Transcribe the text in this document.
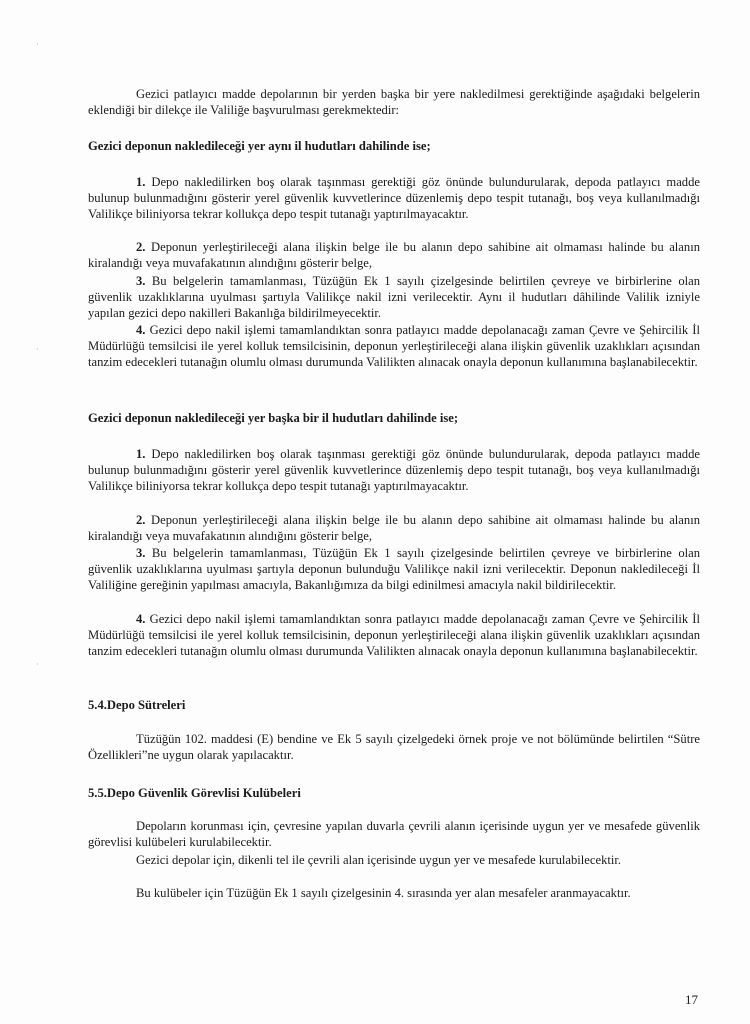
·
·
·

Gezici patlayıcı madde depolarının bir yerden başka bir yere nakledilmesi gerektiğinde aşağıdaki belgelerin eklendiği bir dilekçe ile Valiliğe başvurulması gerekmektedir:

Gezici deponun nakledileceği yer aynı il hudutları dahilinde ise;

1. Depo nakledilirken boş olarak taşınması gerektiği göz önünde bulundurularak, depoda patlayıcı madde bulunup bulunmadığını gösterir yerel güvenlik kuvvetlerince düzenlemiş depo tespit tutanağı, boş veya kullanılmadığı Valilikçe biliniyorsa tekrar kollukça depo tespit tutanağı yaptırılmayacaktır.

2. Deponun yerleştirileceği alana ilişkin belge ile bu alanın depo sahibine ait olmaması halinde bu alanın kiralandığı veya muvafakatının alındığını gösterir belge,

3. Bu belgelerin tamamlanması, Tüzüğün Ek 1 sayılı çizelgesinde belirtilen çevreye ve birbirlerine olan güvenlik uzaklıklarına uyulması şartıyla Valilikçe nakil izni verilecektir. Aynı il hudutları dâhilinde Valilik izniyle yapılan gezici depo nakilleri Bakanlığa bildirilmeyecektir.

4. Gezici depo nakil işlemi tamamlandıktan sonra patlayıcı madde depolanacağı zaman Çevre ve Şehircilik İl Müdürlüğü temsilcisi ile yerel kolluk temsilcisinin, deponun yerleştirileceği alana ilişkin güvenlik uzaklıkları açısından tanzim edecekleri tutanağın olumlu olması durumunda Valilikten alınacak onayla deponun kullanımına başlanabilecektir.

Gezici deponun nakledileceği yer başka bir il hudutları dahilinde ise;

1. Depo nakledilirken boş olarak taşınması gerektiği göz önünde bulundurularak, depoda patlayıcı madde bulunup bulunmadığını gösterir yerel güvenlik kuvvetlerince düzenlemiş depo tespit tutanağı, boş veya kullanılmadığı Valilikçe biliniyorsa tekrar kollukça depo tespit tutanağı yaptırılmayacaktır.

2. Deponun yerleştirileceği alana ilişkin belge ile bu alanın depo sahibine ait olmaması halinde bu alanın kiralandığı veya muvafakatının alındığını gösterir belge,

3. Bu belgelerin tamamlanması, Tüzüğün Ek 1 sayılı çizelgesinde belirtilen çevreye ve birbirlerine olan güvenlik uzaklıklarına uyulması şartıyla deponun bulunduğu Valilikçe nakil izni verilecektir. Deponun nakledileceği İl Valiliğine gereğinin yapılması amacıyla, Bakanlığımıza da bilgi edinilmesi amacıyla nakil bildirilecektir.

4. Gezici depo nakil işlemi tamamlandıktan sonra patlayıcı madde depolanacağı zaman Çevre ve Şehircilik İl Müdürlüğü temsilcisi ile yerel kolluk temsilcisinin, deponun yerleştirileceği alana ilişkin güvenlik uzaklıkları açısından tanzim edecekleri tutanağın olumlu olması durumunda Valilikten alınacak onayla deponun kullanımına başlanabilecektir.

5.4.Depo Sütreleri

Tüzüğün 102. maddesi (E) bendine ve Ek 5 sayılı çizelgedeki örnek proje ve not bölümünde belirtilen “Sütre Özellikleri”ne uygun olarak yapılacaktır.

5.5.Depo Güvenlik Görevlisi Kulübeleri

Depoların korunması için, çevresine yapılan duvarla çevrili alanın içerisinde uygun yer ve mesafede güvenlik görevlisi kulübeleri kurulabilecektir.

Gezici depolar için, dikenli tel ile çevrili alan içerisinde uygun yer ve mesafede kurulabilecektir.

Bu kulübeler için Tüzüğün Ek 1 sayılı çizelgesinin 4. sırasında yer alan mesafeler aranmayacaktır.

17
